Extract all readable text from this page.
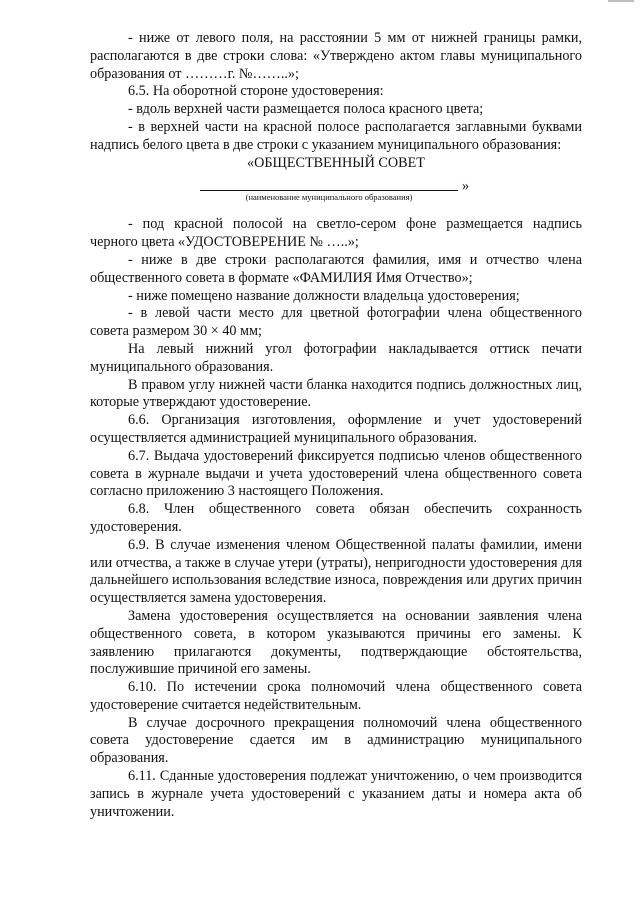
- ниже от левого поля, на расстоянии 5 мм от нижней границы рамки, располагаются в две строки слова: «Утверждено актом главы муниципального образования от ………г. №……..»;

6.5. На оборотной стороне удостоверения:

- вдоль верхней части размещается полоса красного цвета;

- в верхней части на красной полосе располагается заглавными буквами надпись белого цвета в две строки с указанием муниципального образования:

«ОБЩЕСТВЕННЫЙ СОВЕТ
»
(наименование муниципального образования)

- под красной полосой на светло-сером фоне размещается надпись черного цвета «УДОСТОВЕРЕНИЕ № …..»;

- ниже в две строки располагаются фамилия, имя и отчество члена общественного совета в формате «ФАМИЛИЯ Имя Отчество»;

- ниже помещено название должности владельца удостоверения;

- в левой части место для цветной фотографии члена общественного совета размером 30 × 40 мм;

На левый нижний угол фотографии накладывается оттиск печати муниципального образования.

В правом углу нижней части бланка находится подпись должностных лиц, которые утверждают удостоверение.

6.6. Организация изготовления, оформление и учет удостоверений осуществляется администрацией муниципального образования.

6.7. Выдача удостоверений фиксируется подписью членов общественного совета в журнале выдачи и учета удостоверений члена общественного совета согласно приложению 3 настоящего Положения.

6.8. Член общественного совета обязан обеспечить сохранность удостоверения.

6.9. В случае изменения членом Общественной палаты фамилии, имени или отчества, а также в случае утери (утраты), непригодности удостоверения для дальнейшего использования вследствие износа, повреждения или других причин осуществляется замена удостоверения.

Замена удостоверения осуществляется на основании заявления члена общественного совета, в котором указываются причины его замены. К заявлению прилагаются документы, подтверждающие обстоятельства, послужившие причиной его замены.

6.10. По истечении срока полномочий члена общественного совета удостоверение считается недействительным.

В случае досрочного прекращения полномочий члена общественного совета удостоверение сдается им в администрацию муниципального образования.

6.11. Сданные удостоверения подлежат уничтожению, о чем производится запись в журнале учета удостоверений с указанием даты и номера акта об уничтожении.
